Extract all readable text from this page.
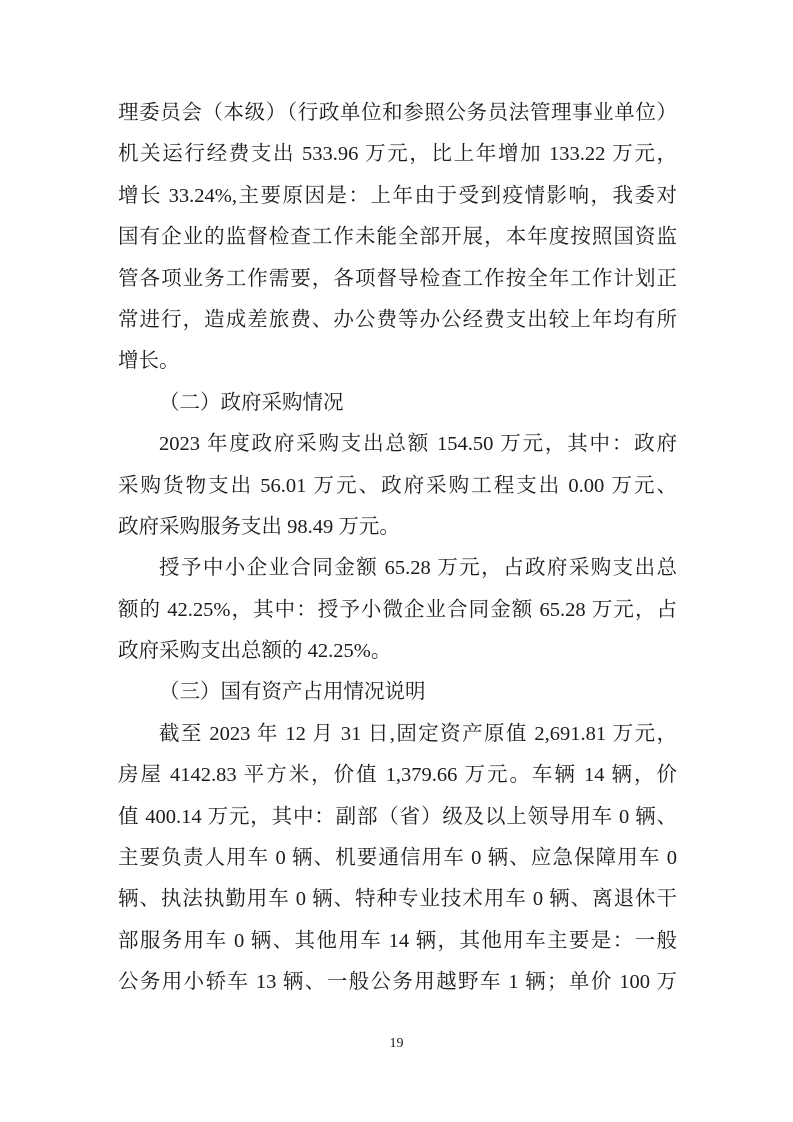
理委员会（本级）（行政单位和参照公务员法管理事业单位）
机关运行经费支出 533.96 万元，比上年增加 133.22 万元，
增长 33.24%,主要原因是：上年由于受到疫情影响，我委对
国有企业的监督检查工作未能全部开展，本年度按照国资监
管各项业务工作需要，各项督导检查工作按全年工作计划正
常进行，造成差旅费、办公费等办公经费支出较上年均有所
增长。
（二）政府采购情况
2023 年度政府采购支出总额 154.50 万元，其中：政府
采购货物支出 56.01 万元、政府采购工程支出 0.00 万元、
政府采购服务支出 98.49 万元。
授予中小企业合同金额 65.28 万元，占政府采购支出总
额的 42.25%，其中：授予小微企业合同金额 65.28 万元，占
政府采购支出总额的 42.25%。
（三）国有资产占用情况说明
截至 2023 年 12 月 31 日,固定资产原值 2,691.81 万元，
房屋 4142.83 平方米，价值 1,379.66 万元。车辆 14 辆，价
值 400.14 万元，其中：副部（省）级及以上领导用车 0 辆、
主要负责人用车 0 辆、机要通信用车 0 辆、应急保障用车 0
辆、执法执勤用车 0 辆、特种专业技术用车 0 辆、离退休干
部服务用车 0 辆、其他用车 14 辆，其他用车主要是：一般
公务用小轿车 13 辆、一般公务用越野车 1 辆；单价 100 万
19
